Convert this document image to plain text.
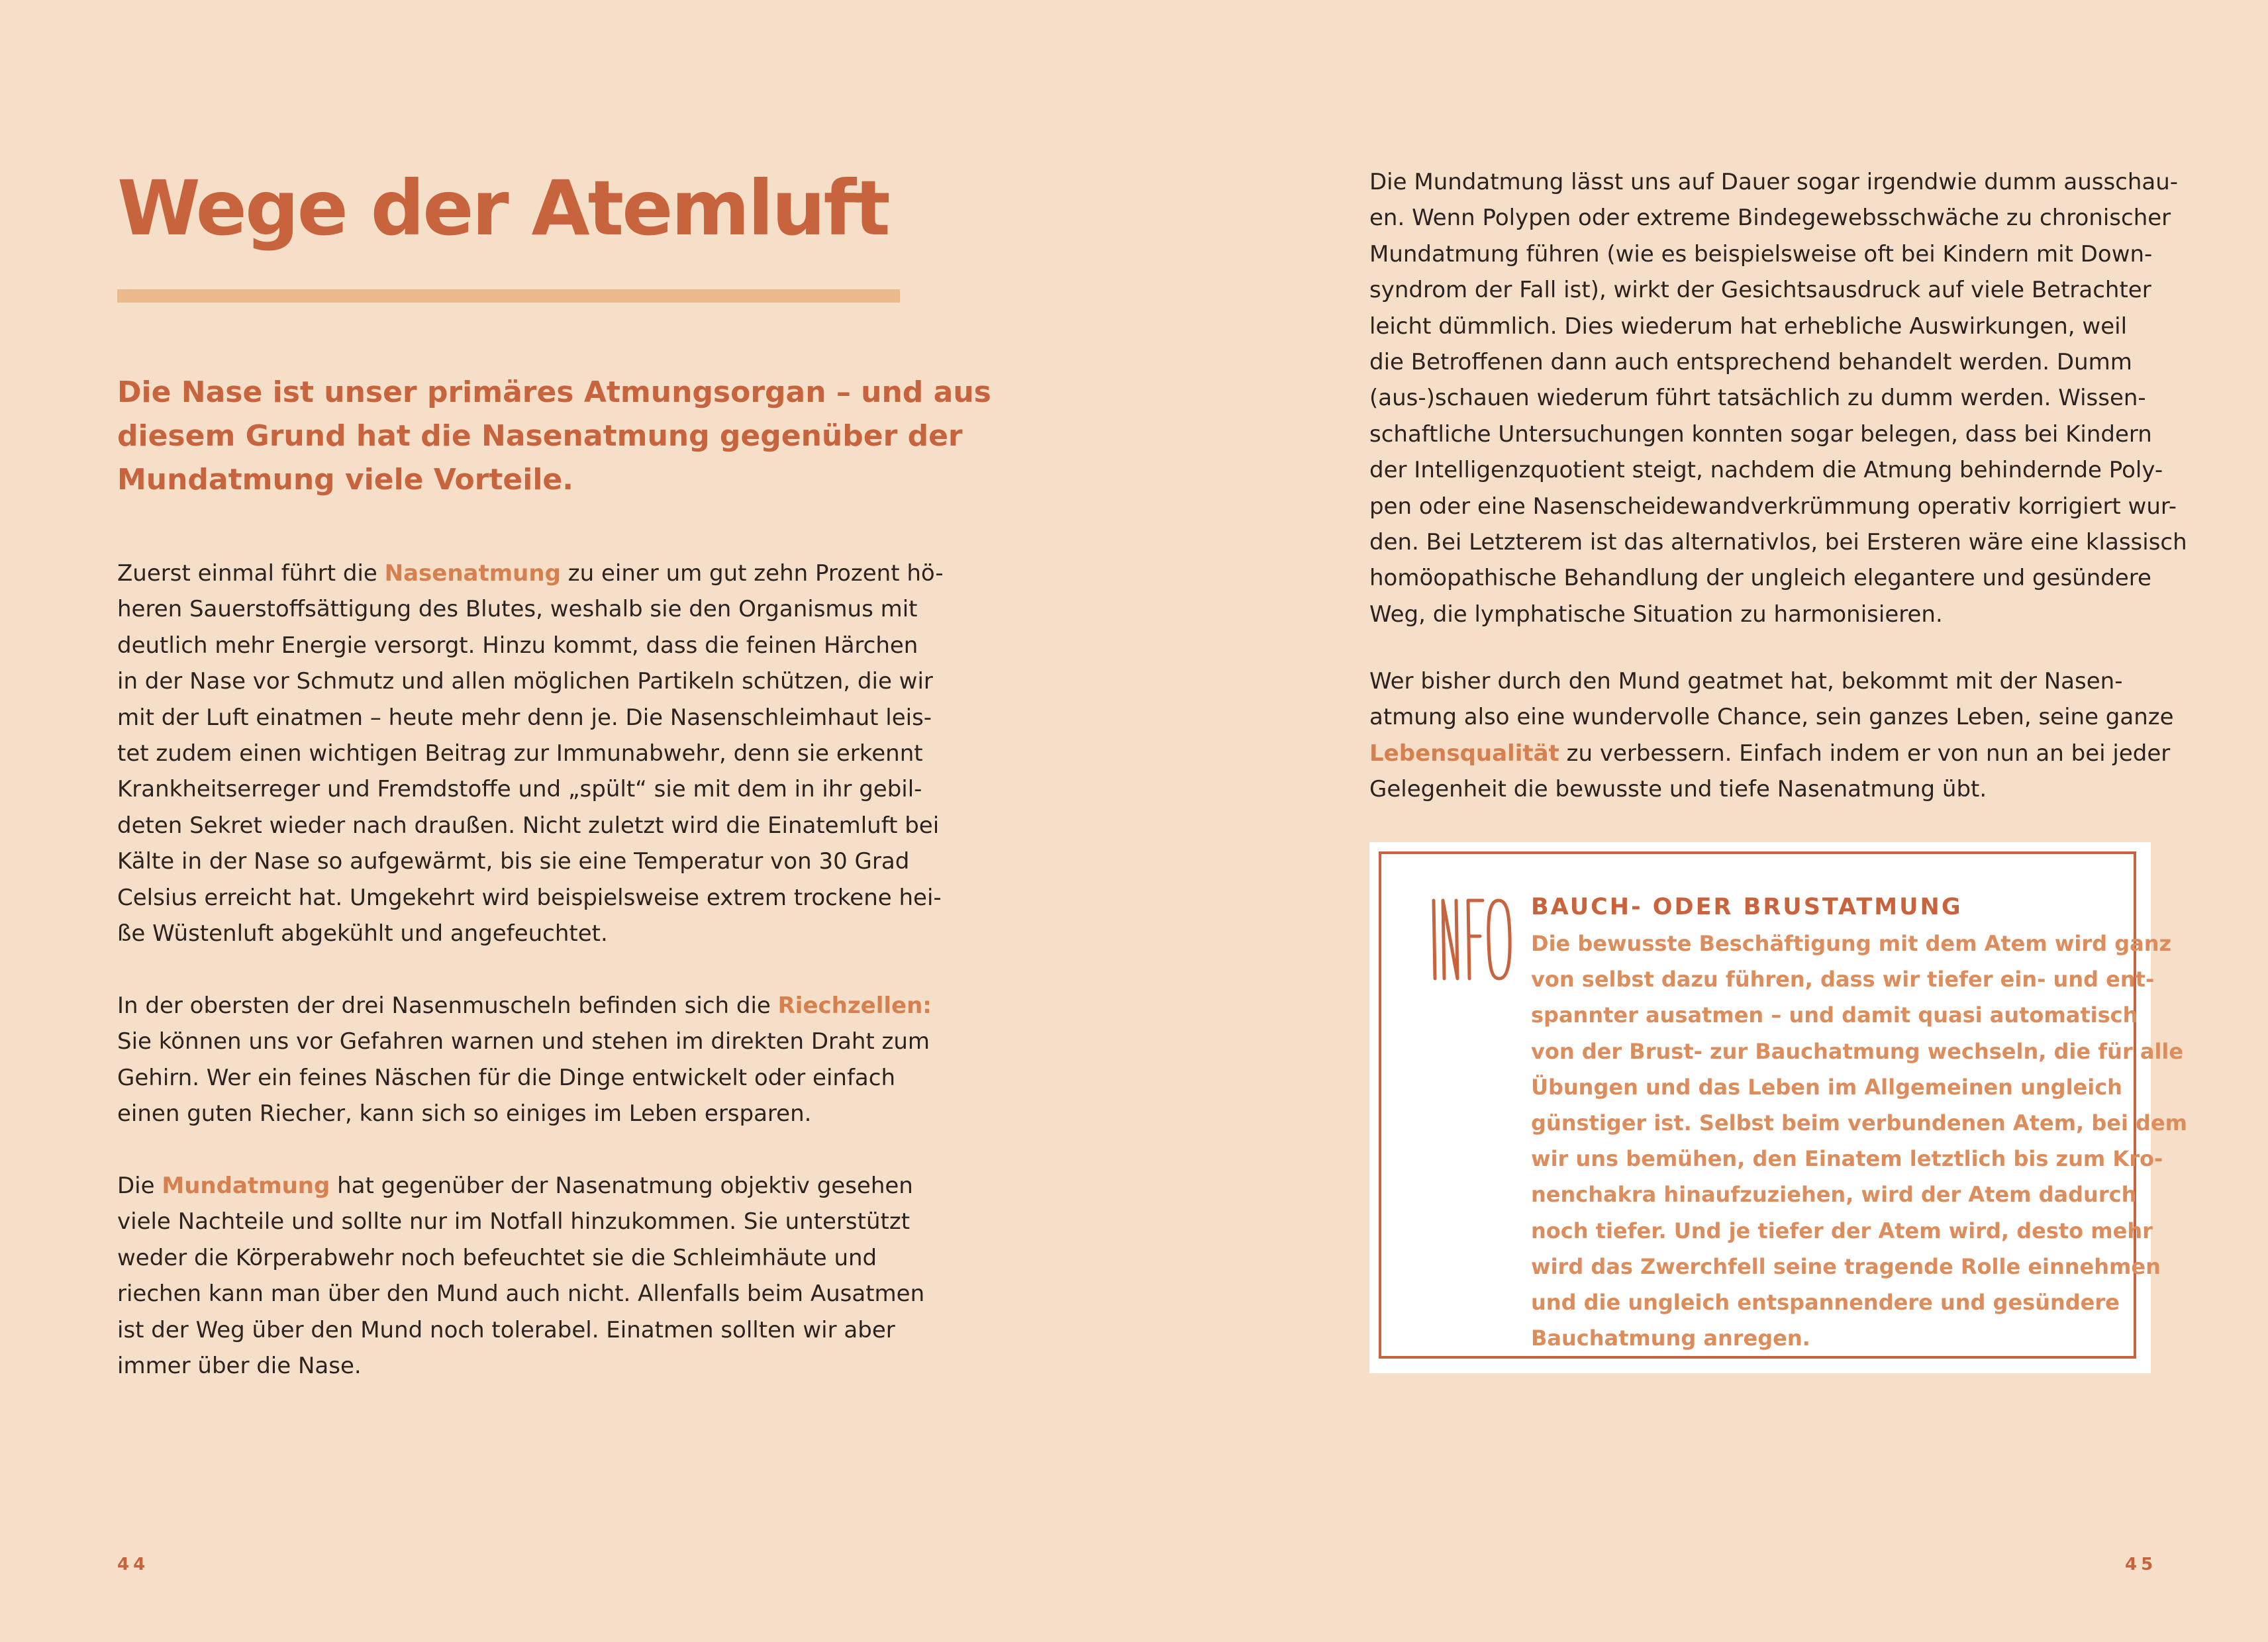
Wege der Atemluft

Die Nase ist unser primäres Atmungsorgan – und aus
diesem Grund hat die Nasenatmung gegenüber der
Mundatmung viele Vorteile.

Zuerst einmal führt die Nasenatmung zu einer um gut zehn Prozent hö-
heren Sauerstoffsättigung des Blutes, weshalb sie den Organismus mit
deutlich mehr Energie versorgt. Hinzu kommt, dass die feinen Härchen
in der Nase vor Schmutz und allen möglichen Partikeln schützen, die wir
mit der Luft einatmen – heute mehr denn je. Die Nasenschleimhaut leis-
tet zudem einen wichtigen Beitrag zur Immunabwehr, denn sie erkennt
Krankheitserreger und Fremdstoffe und „spült“ sie mit dem in ihr gebil-
deten Sekret wieder nach draußen. Nicht zuletzt wird die Einatemluft bei
Kälte in der Nase so aufgewärmt, bis sie eine Temperatur von 30 Grad
Celsius erreicht hat. Umgekehrt wird beispielsweise extrem trockene hei-
ße Wüstenluft abgekühlt und angefeuchtet.

In der obersten der drei Nasenmuscheln befinden sich die Riechzellen:
Sie können uns vor Gefahren warnen und stehen im direkten Draht zum
Gehirn. Wer ein feines Näschen für die Dinge entwickelt oder einfach
einen guten Riecher, kann sich so einiges im Leben ersparen.

Die Mundatmung hat gegenüber der Nasenatmung objektiv gesehen
viele Nachteile und sollte nur im Notfall hinzukommen. Sie unterstützt
weder die Körperabwehr noch befeuchtet sie die Schleimhäute und
riechen kann man über den Mund auch nicht. Allenfalls beim Ausatmen
ist der Weg über den Mund noch tolerabel. Einatmen sollten wir aber
immer über die Nase.

44

Die Mundatmung lässt uns auf Dauer sogar irgendwie dumm ausschau-
en. Wenn Polypen oder extreme Bindegewebsschwäche zu chronischer
Mundatmung führen (wie es beispielsweise oft bei Kindern mit Down-
syndrom der Fall ist), wirkt der Gesichtsausdruck auf viele Betrachter
leicht dümmlich. Dies wiederum hat erhebliche Auswirkungen, weil
die Betroffenen dann auch entsprechend behandelt werden. Dumm
(aus-)schauen wiederum führt tatsächlich zu dumm werden. Wissen-
schaftliche Untersuchungen konnten sogar belegen, dass bei Kindern
der Intelligenzquotient steigt, nachdem die Atmung behindernde Poly-
pen oder eine Nasenscheidewandverkrümmung operativ korrigiert wur-
den. Bei Letzterem ist das alternativlos, bei Ersteren wäre eine klassisch
homöopathische Behandlung der ungleich elegantere und gesündere
Weg, die lymphatische Situation zu harmonisieren.

Wer bisher durch den Mund geatmet hat, bekommt mit der Nasen-
atmung also eine wundervolle Chance, sein ganzes Leben, seine ganze
Lebensqualität zu verbessern. Einfach indem er von nun an bei jeder
Gelegenheit die bewusste und tiefe Nasenatmung übt.

BAUCH- ODER BRUSTATMUNG

Die bewusste Beschäftigung mit dem Atem wird ganz
von selbst dazu führen, dass wir tiefer ein- und ent-
spannter ausatmen – und damit quasi automatisch
von der Brust- zur Bauchatmung wechseln, die für alle
Übungen und das Leben im Allgemeinen ungleich
günstiger ist. Selbst beim verbundenen Atem, bei dem
wir uns bemühen, den Einatem letztlich bis zum Kro-
nenchakra hinaufzuziehen, wird der Atem dadurch
noch tiefer. Und je tiefer der Atem wird, desto mehr
wird das Zwerchfell seine tragende Rolle einnehmen
und die ungleich entspannendere und gesündere
Bauchatmung anregen.

45
